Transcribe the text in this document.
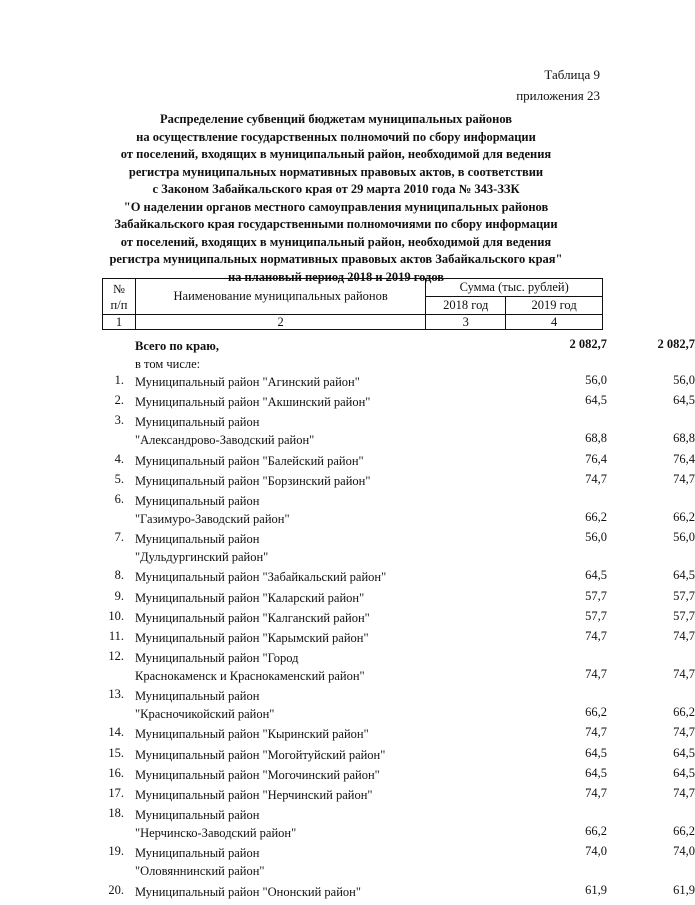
Таблица 9
приложения 23
Распределение субвенций бюджетам муниципальных районов
на осуществление государственных полномочий по сбору информации
от поселений, входящих в муниципальный район, необходимой для ведения
регистра муниципальных нормативных правовых актов, в соответствии
с Законом Забайкальского края от 29 марта 2010 года № 343-ЗЗК
"О наделении органов местного самоуправления муниципальных районов
Забайкальского края государственными полномочиями по сбору информации
от поселений, входящих в муниципальный район, необходимой для ведения
регистра муниципальных нормативных правовых актов Забайкальского края"
на плановый период 2018 и 2019 годов
№
п/п	Наименование муниципальных районов	Сумма (тыс. рублей)	
		2018 год	2019 год
1	2	3	4
Всего по краю,	2 082,7	2 082,7
в том числе:
1. Муниципальный район "Агинский район"	56,0	56,0
2. Муниципальный район "Акшинский район"	64,5	64,5
3. Муниципальный район
"Александрово-Заводский район"	68,8	68,8
4. Муниципальный район "Балейский район"	76,4	76,4
5. Муниципальный район "Борзинский район"	74,7	74,7
6. Муниципальный район
"Газимуро-Заводский район"	66,2	66,2
7. Муниципальный район
"Дульдургинский район"
56,0	56,0
8. Муниципальный район "Забайкальский район"	64,5	64,5
9. Муниципальный район "Каларский район"	57,7	57,7
10. Муниципальный район "Калганский район"	57,7	57,7
11. Муниципальный район "Карымский район"	74,7	74,7
12. Муниципальный район "Город
Краснокаменск и Краснокаменский район"	74,7	74,7
13. Муниципальный район
"Красночикойский район"	66,2	66,2
14. Муниципальный район "Кыринский район"	74,7	74,7
15. Муниципальный район "Могойтуйский район"	64,5	64,5
16. Муниципальный район "Могочинский район"	64,5	64,5
17. Муниципальный район "Нерчинский район"	74,7	74,7
18. Муниципальный район
"Нерчинско-Заводский район"	66,2	66,2
19. Муниципальный район
"Оловяннинский район"
74,0	74,0
20. Муниципальный район "Ононский район"	61,9	61,9
